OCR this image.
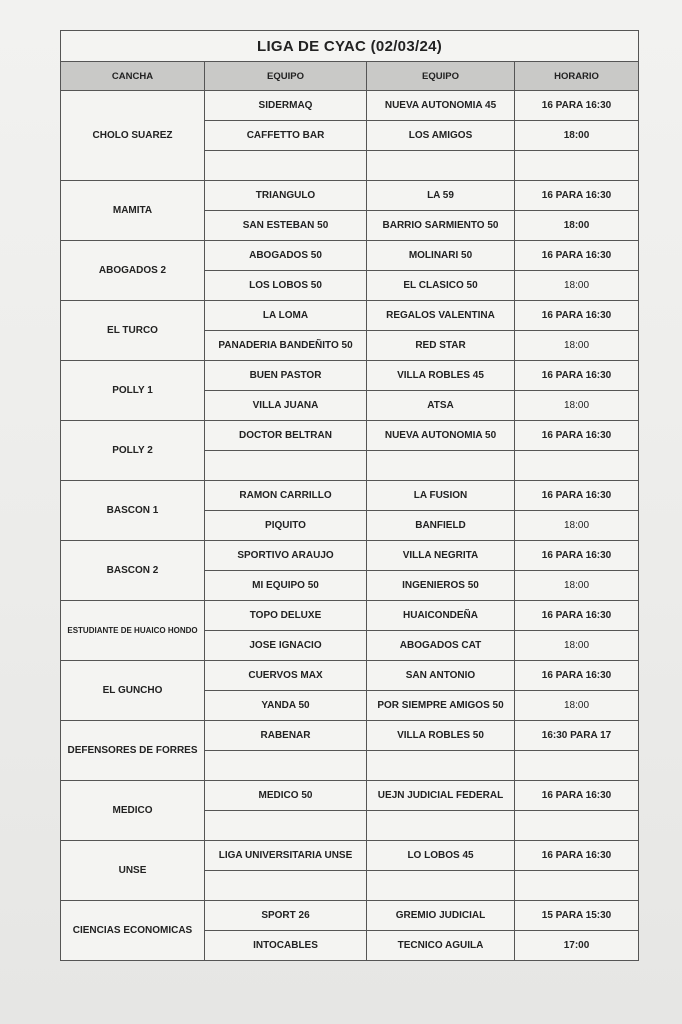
LIGA DE CYAC (02/03/24)			
CANCHA	EQUIPO	EQUIPO	HORARIO
CHOLO SUAREZ	SIDERMAQ	NUEVA AUTONOMIA 45	16 PARA 16:30
	CAFFETTO BAR	LOS AMIGOS	18:00

MAMITA	TRIANGULO	LA 59	16 PARA 16:30
	SAN ESTEBAN 50	BARRIO SARMIENTO 50	18:00
ABOGADOS 2	ABOGADOS 50	MOLINARI 50	16 PARA 16:30
	LOS LOBOS 50	EL CLASICO 50	18:00
EL TURCO	LA LOMA	REGALOS VALENTINA	16 PARA 16:30
	PANADERIA BANDEÑITO 50	RED STAR	18:00
POLLY 1	BUEN PASTOR	VILLA ROBLES 45	16 PARA 16:30
	VILLA JUANA	ATSA	18:00
POLLY 2	DOCTOR BELTRAN	NUEVA AUTONOMIA 50	16 PARA 16:30

BASCON 1	RAMON CARRILLO	LA FUSION	16 PARA 16:30
	PIQUITO	BANFIELD	18:00
BASCON 2	SPORTIVO ARAUJO	VILLA NEGRITA	16 PARA 16:30
	MI EQUIPO 50	INGENIEROS 50	18:00
ESTUDIANTE DE HUAICO HONDO	TOPO DELUXE	HUAICONDEÑA	16 PARA 16:30
	JOSE IGNACIO	ABOGADOS CAT	18:00
EL GUNCHO	CUERVOS MAX	SAN ANTONIO	16 PARA 16:30
	YANDA 50	POR SIEMPRE AMIGOS 50	18:00
DEFENSORES DE FORRES	RABENAR	VILLA ROBLES 50	16:30 PARA 17

MEDICO	MEDICO 50	UEJN JUDICIAL FEDERAL	16 PARA 16:30

UNSE	LIGA UNIVERSITARIA UNSE	LO LOBOS 45	16 PARA 16:30

CIENCIAS ECONOMICAS	SPORT 26	GREMIO JUDICIAL	15 PARA 15:30
	INTOCABLES	TECNICO AGUILA	17:00
